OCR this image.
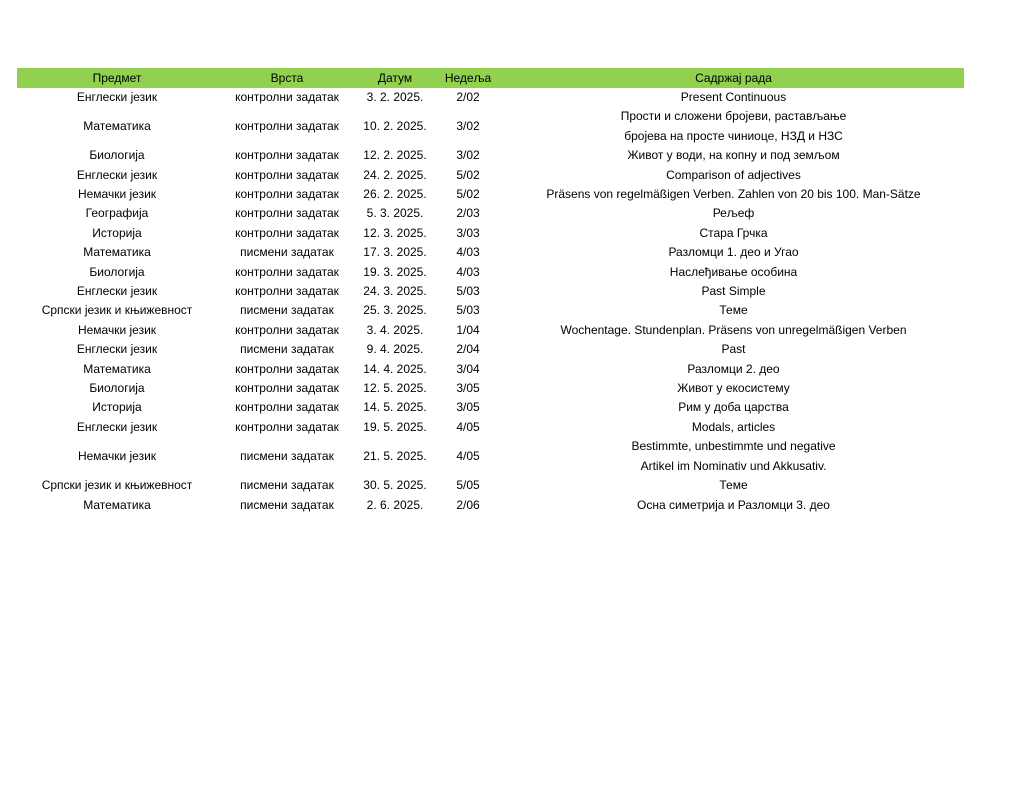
Предмет	Врста	Датум	Недеља	Садржај рада
Енглески језик	контролни задатак	3. 2. 2025.	2/02	Present Continuous

Математика	контролни задатак	10. 2. 2025.	3/02	Прости и сложени бројеви, растављање
бројева на просте чиниоце, НЗД и НЗС

Биологија	контролни задатак	12. 2. 2025.	3/02	Живот у води, на копну и под земљом

Енглески језик	контролни задатак	24. 2. 2025.	5/02	Comparison of adjectives

Немачки језик	контролни задатак	26. 2. 2025.	5/02	Präsens von regelmäßigen Verben. Zahlen von 20 bis 100. Man-Sätze

Географија	контролни задатак	5. 3. 2025.	2/03	Рељеф

Историја	контролни задатак	12. 3. 2025.	3/03	Стара Грчка

Математика	писмени задатак	17. 3. 2025.	4/03	Разломци 1. део и Угао

Биологија	контролни задатак	19. 3. 2025.	4/03	Наслеђивање особина

Енглески језик	контролни задатак	24. 3. 2025.	5/03	Past Simple

Српски језик и књижевност	писмени задатак	25. 3. 2025.	5/03	Теме

Немачки језик	контролни задатак	3. 4. 2025.	1/04	Wochentage. Stundenplan. Präsens von unregelmäßigen Verben

Енглески језик	писмени задатак	9. 4. 2025.	2/04	Past

Математика	контролни задатак	14. 4. 2025.	3/04	Разломци 2. део

Биологија	контролни задатак	12. 5. 2025.	3/05	Живот у екосистему

Историја	контролни задатак	14. 5. 2025.	3/05	Рим у доба царства

Енглески језик	контролни задатак	19. 5. 2025.	4/05	Modals, articles

Немачки језик	писмени задатак	21. 5. 2025.	4/05	Bestimmte, unbestimmte und negative
Artikel im Nominativ und Akkusativ.

Српски језик и књижевност	писмени задатак	30. 5. 2025.	5/05	Теме

Математика	писмени задатак	2. 6. 2025.	2/06	Осна симетрија и Разломци 3. део
